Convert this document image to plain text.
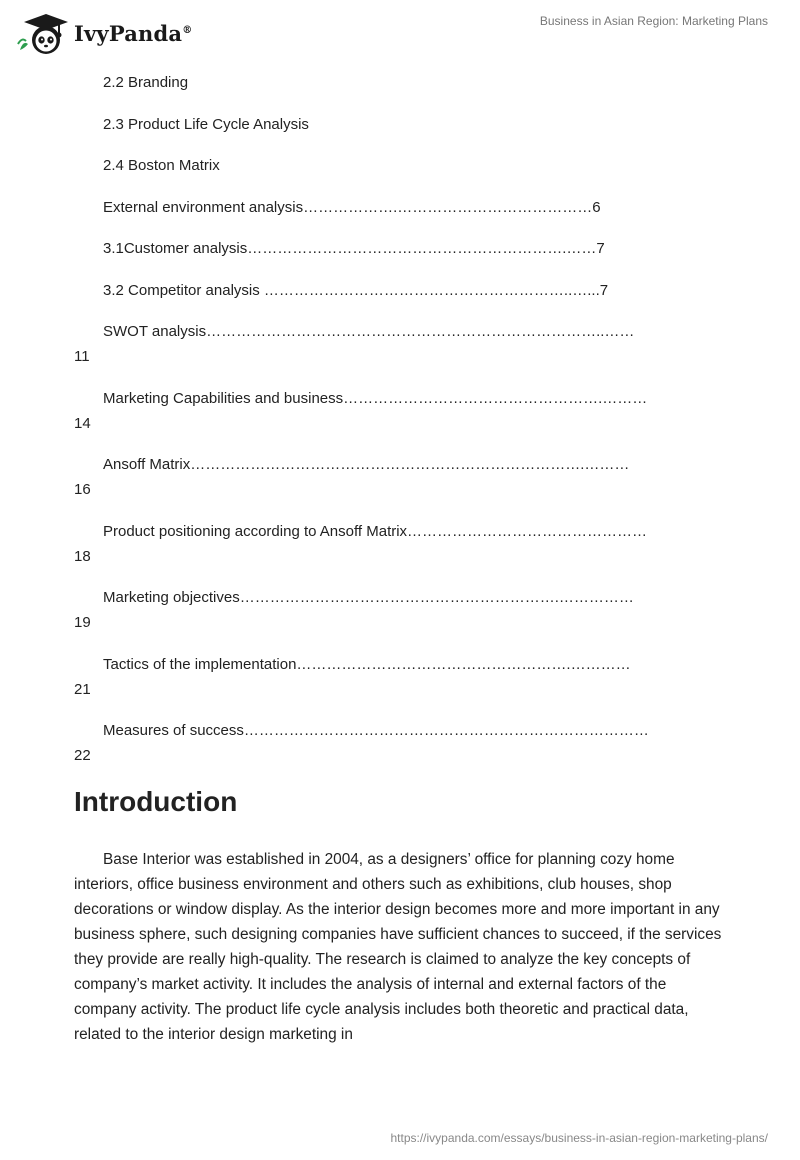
IvyPanda®
Business in Asian Region: Marketing Plans
2.2 Branding
2.3 Product Life Cycle Analysis
2.4 Boston Matrix
External environment analysis……………….…………………………………6
3.1Customer analysis……………………………………………………….……7
3.2 Competitor analysis ……………………………………………………..…...7
SWOT analysis……………………………………………………………………..……
11
Marketing Capabilities and business…………………………………………….………
14
Ansoff Matrix…………………………………………………………………….………
16
Product positioning according to Ansoff Matrix…………………………………………
18
Marketing objectives……………………………………………………….……………
19
Tactics of the implementation……………………………………………….…………
21
Measures of success………………………………………………………………………
22
Introduction

Base Interior was established in 2004, as a designers’ office for planning cozy home interiors, office business environment and others such as exhibitions, club houses, shop decorations or window display. As the interior design becomes more and more important in any business sphere, such designing companies have sufficient chances to succeed, if the services they provide are really high-quality. The research is claimed to analyze the key concepts of company’s market activity. It includes the analysis of internal and external factors of the company activity. The product life cycle analysis includes both theoretic and practical data, related to the interior design marketing in

https://ivypanda.com/essays/business-in-asian-region-marketing-plans/
